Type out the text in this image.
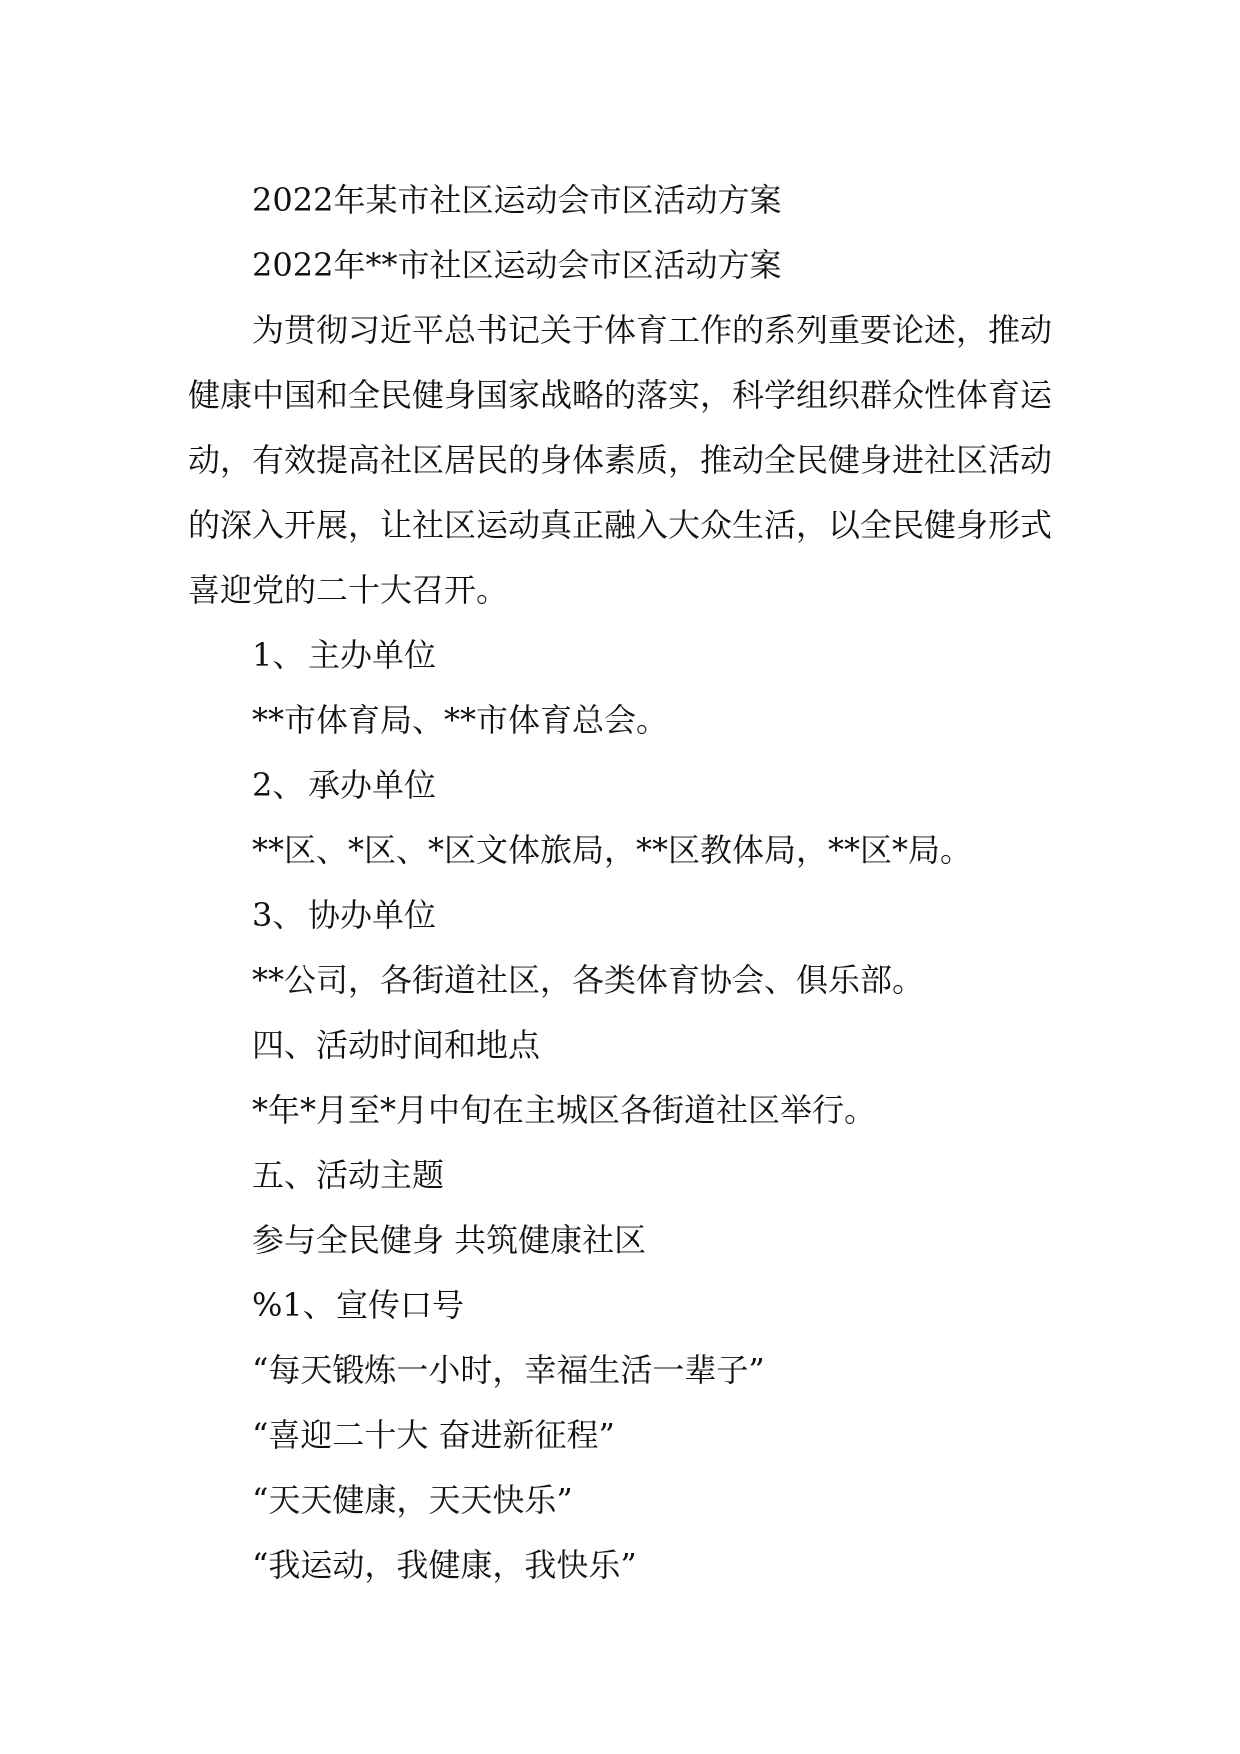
2022年某市社区运动会市区活动方案

2022年**市社区运动会市区活动方案

为贯彻习近平总书记关于体育工作的系列重要论述，推动健康中国和全民健身国家战略的落实，科学组织群众性体育运动，有效提高社区居民的身体素质，推动全民健身进社区活动的深入开展，让社区运动真正融入大众生活，以全民健身形式喜迎党的二十大召开。

1、 主办单位

**市体育局、**市体育总会。

2、 承办单位

**区、*区、*区文体旅局，**区教体局，**区*局。

3、 协办单位

**公司，各街道社区，各类体育协会、俱乐部。

四、活动时间和地点

*年*月至*月中旬在主城区各街道社区举行。

五、活动主题

参与全民健身 共筑健康社区

%1、宣传口号

“每天锻炼一小时，幸福生活一辈子”

“喜迎二十大 奋进新征程”

“天天健康，天天快乐”

“我运动，我健康，我快乐”
